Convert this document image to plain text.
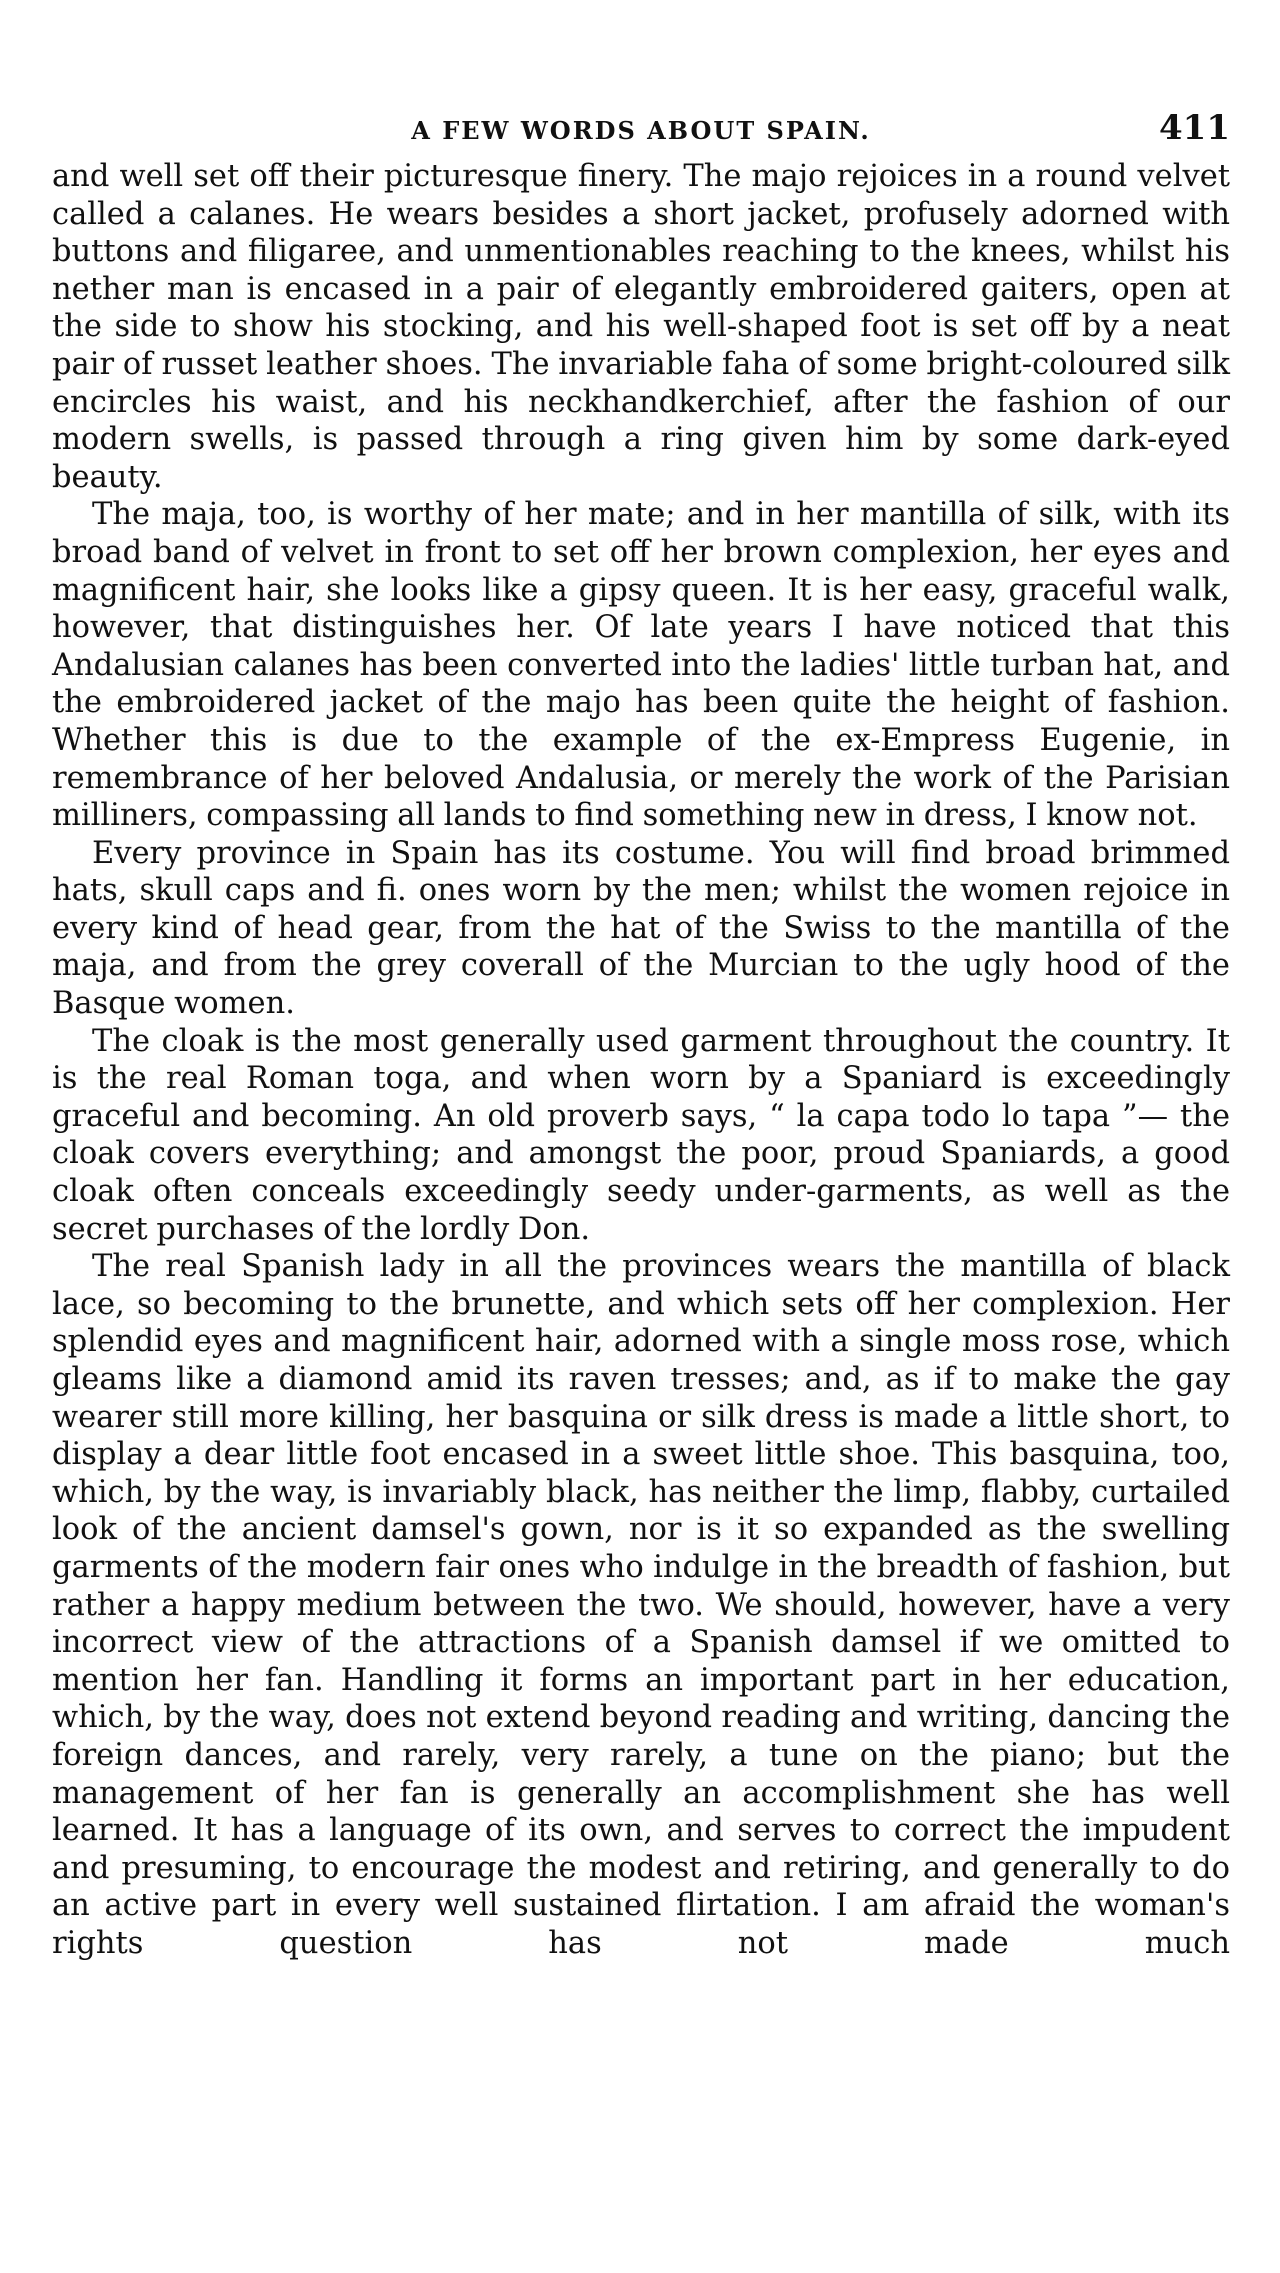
A FEW WORDS ABOUT SPAIN.	411

and well set off their picturesque finery. The majo rejoices in a round velvet called a calanes. He wears besides a short jacket, profusely adorned with buttons and filigaree, and unmentionables reaching to the knees, whilst his nether man is encased in a pair of elegantly embroidered gaiters, open at the side to show his stocking, and his well-shaped foot is set off by a neat pair of russet leather shoes. The invariable faha of some bright-coloured silk encircles his waist, and his neckhandkerchief, after the fashion of our modern swells, is passed through a ring given him by some dark-eyed beauty.

The maja, too, is worthy of her mate; and in her mantilla of silk, with its broad band of velvet in front to set off her brown complexion, her eyes and magnificent hair, she looks like a gipsy queen. It is her easy, graceful walk, however, that distinguishes her. Of late years I have noticed that this Andalusian calanes has been converted into the ladies' little turban hat, and the embroidered jacket of the majo has been quite the height of fashion. Whether this is due to the example of the ex-Empress Eugenie, in remembrance of her beloved Andalusia, or merely the work of the Parisian milliners, compassing all lands to find something new in dress, I know not.

Every province in Spain has its costume. You will find broad brimmed hats, skull caps and fi. ones worn by the men; whilst the women rejoice in every kind of head gear, from the hat of the Swiss to the mantilla of the maja, and from the grey coverall of the Murcian to the ugly hood of the Basque women.

The cloak is the most generally used garment throughout the country. It is the real Roman toga, and when worn by a Spaniard is exceedingly graceful and becoming. An old proverb says, “ la capa todo lo tapa ”— the cloak covers everything; and amongst the poor, proud Spaniards, a good cloak often conceals exceedingly seedy under-garments, as well as the secret purchases of the lordly Don.

The real Spanish lady in all the provinces wears the mantilla of black lace, so becoming to the brunette, and which sets off her complexion. Her splendid eyes and magnificent hair, adorned with a single moss rose, which gleams like a diamond amid its raven tresses; and, as if to make the gay wearer still more killing, her basquina or silk dress is made a little short, to display a dear little foot encased in a sweet little shoe. This basquina, too, which, by the way, is invariably black, has neither the limp, flabby, curtailed look of the ancient damsel's gown, nor is it so expanded as the swelling garments of the modern fair ones who indulge in the breadth of fashion, but rather a happy medium between the two. We should, however, have a very incorrect view of the attractions of a Spanish damsel if we omitted to mention her fan. Handling it forms an important part in her education, which, by the way, does not extend beyond reading and writing, dancing the foreign dances, and rarely, very rarely, a tune on the piano; but the management of her fan is generally an accomplishment she has well learned. It has a language of its own, and serves to correct the impudent and presuming, to encourage the modest and retiring, and generally to do an active part in every well sustained flirtation. I am afraid the woman's rights question has not made much
